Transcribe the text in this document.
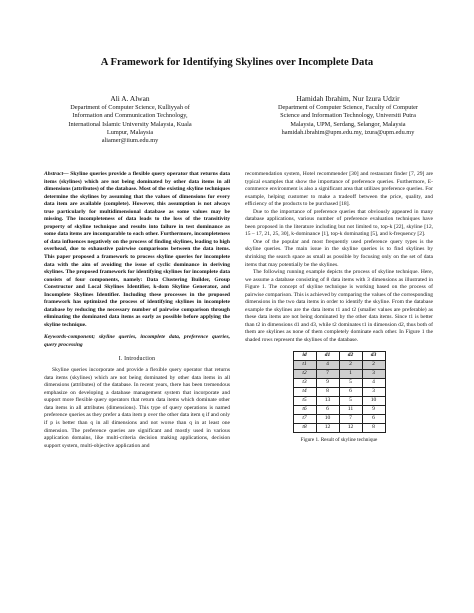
A Framework for Identifying Skylines over Incomplete Data
Ali A. Alwan
Department of Computer Science, Kulliyyah of
Information and Communication Technology,
International Islamic University Malaysia, Kuala
Lumpur, Malaysia
aliamer@iium.edu.my
Hamidah Ibrahim, Nur Izura Udzir
Department of Computer Science, Faculty of Computer
Science and Information Technology, Universiti Putra
Malaysia, UPM, Serdang, Selangor, Malaysia
hamidah.ibrahim@upm.edu.my, izura@upm.edu.my
Abstract— Skyline queries provide a flexible query operator that returns data items (skylines) which are not being dominated by other data items in all dimensions (attributes) of the database. Most of the existing skyline techniques determine the skylines by assuming that the values of dimensions for every data item are available (complete). However, this assumption is not always true particularly for multidimensional database as some values may be missing. The incompleteness of data leads to the loss of the transitivity property of skyline technique and results into failure in test dominance as some data items are incomparable to each other. Furthermore, incompleteness of data influences negatively on the process of finding skylines, leading to high overhead, due to exhaustive pairwise comparisons between the data items. This paper proposed a framework to process skyline queries for incomplete data with the aim of avoiding the issue of cyclic dominance in deriving skylines. The proposed framework for identifying skylines for incomplete data consists of four components, namely: Data Clustering Builder, Group Constructor and Local Skylines Identifier, k-dom Skyline Generator, and Incomplete Skylines Identifier. Including these processes in the proposed framework has optimized the process of identifying skylines in incomplete database by reducing the necessary number of pairwise comparison through eliminating the dominated data items as early as possible before applying the skyline technique.
Keywords-component; skyline queries, incomplete data, preference queries, query processing
I. Introduction

Skyline queries incorporate and provide a flexible query operator that returns data items (skylines) which are not being dominated by other data items in all dimensions (attributes) of the database. In recent years, there has been tremendous emphasize on developing a database management system that incorporate and support more flexible query operators that return data items which dominate other data items in all attributes (dimensions). This type of query operations is named preference queries as they prefer a data item p over the other data item q if and only if p is better than q in all dimensions and not worse than q in at least one dimension. The preference queries are significant and mostly used in various application domains, like multi-criteria decision making applications, decision support system, multi-objective application and

recommendation system, Hotel recommender [30] and restaurant finder [7, 29] are typical examples that show the importance of preference queries. Furthermore, E-commerce environment is also a significant area that utilizes preference queries. For example, helping customer to make a tradeoff between the price, quality, and efficiency of the products to be purchased [18].

Due to the importance of preference queries that obviously appeared in many database applications, various number of preference evaluation techniques have been proposed in the literature including but not limited to, top-k [22], skyline [12, 15 – 17, 21, 25, 30], k-dominance [1], top-k dominating [5], and k-frequency [2].

One of the popular and most frequently used preference query types is the skyline queries. The main issue in the skyline queries is to find skylines by shrinking the search space as small as possible by focusing only on the set of data items that may potentially be the skylines.

The following running example depicts the process of skyline technique. Here, we assume a database consisting of 8 data items with 3 dimensions as illustrated in Figure 1. The concept of skyline technique is working based on the process of pairwise comparison. This is achieved by comparing the values of the corresponding dimensions in the two data items in order to identify the skyline. From the database example the skylines are the data items t1 and t2 (smaller values are preferable) as these data items are not being dominated by the other data items. Since t1 is better than t2 in dimensions d1 and d3, while t2 dominates t1 in dimension d2, thus both of them are skylines as none of them completely dominate each other. In Figure 1 the shaded rows represent the skylines of the database.

id	d1	d2	d3
t1	4	2	2
t2	7	1	3
t3	9	5	4
t4	8	6	3
t5	13	5	10
t6	6	11	9
t7	10	7	6
t8	12	12	8
Figure 1. Result of skyline technique
